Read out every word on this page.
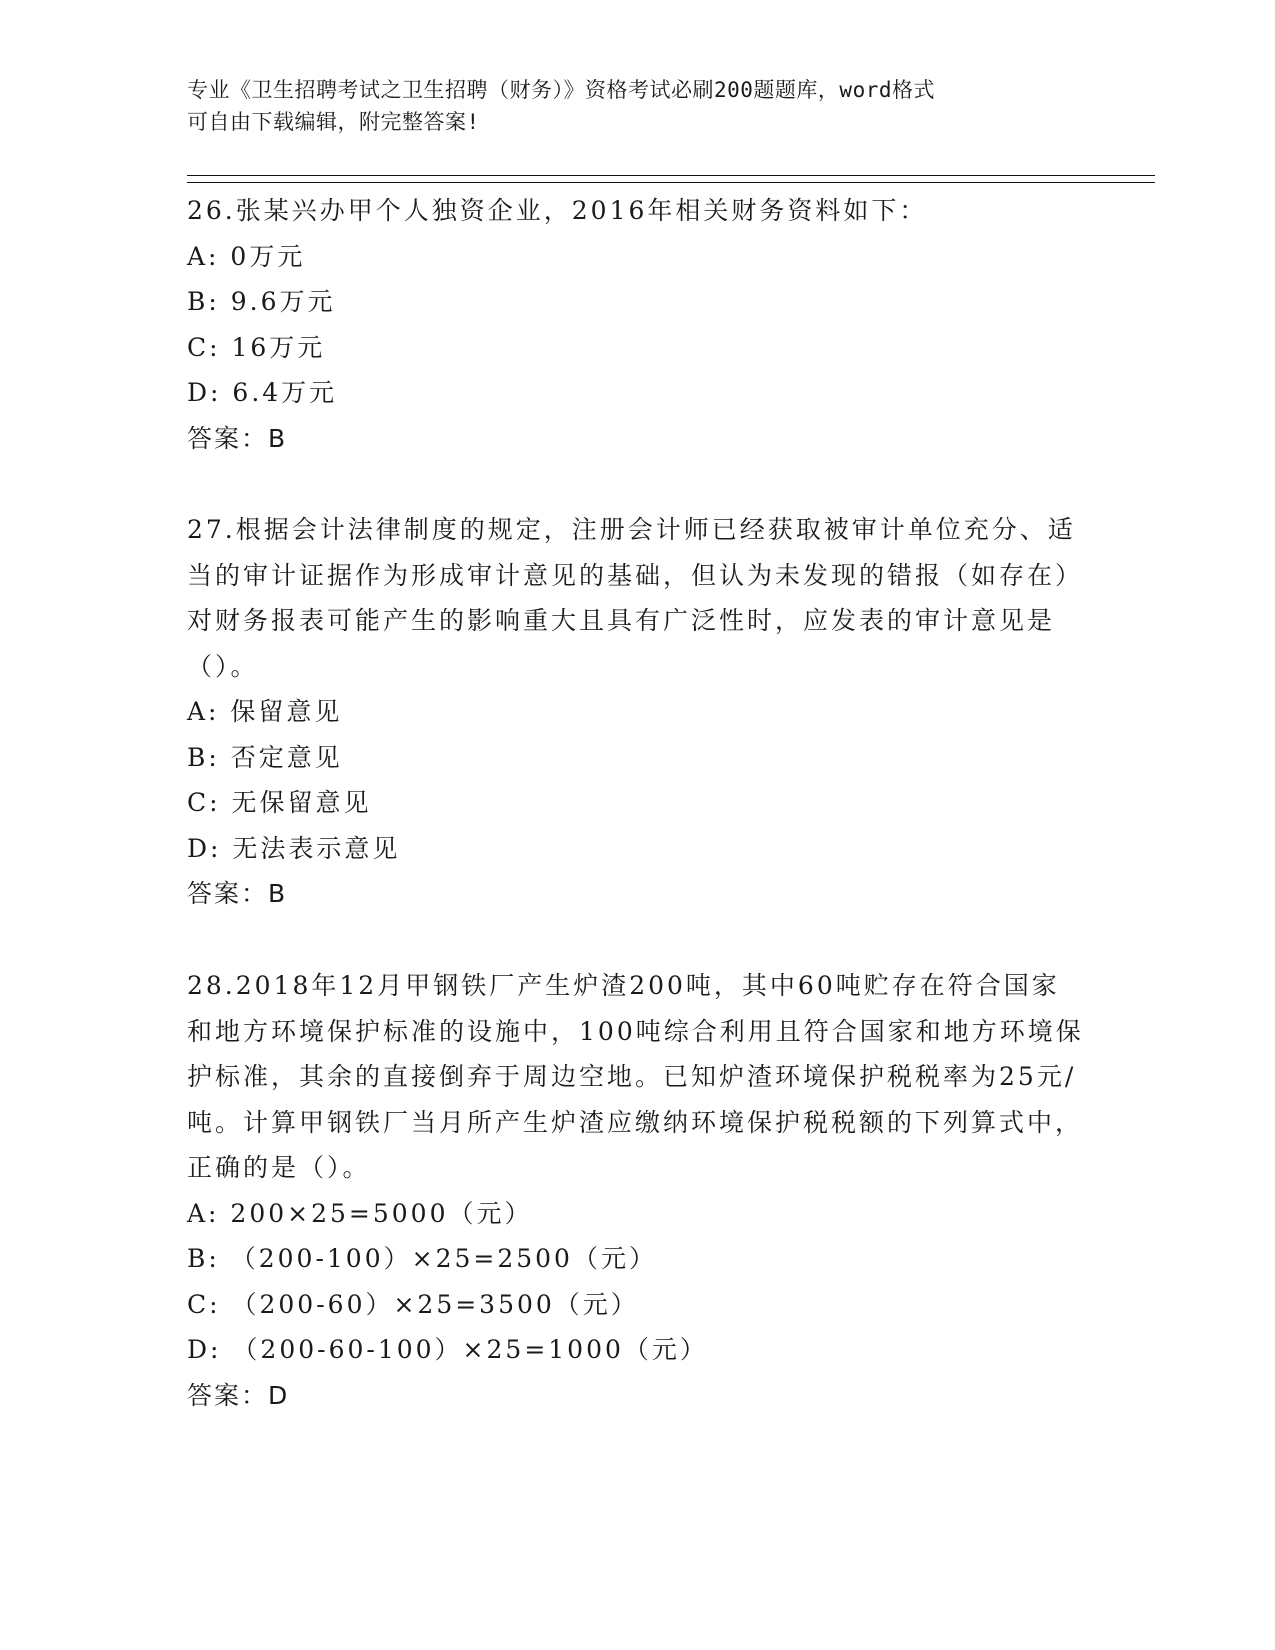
专业《卫生招聘考试之卫生招聘（财务）》资格考试必刷200题题库，word格式
可自由下载编辑，附完整答案!
26.张某兴办甲个人独资企业，2016年相关财务资料如下：
A: 0万元
B: 9.6万元
C: 16万元
D: 6.4万元
答案：B
27.根据会计法律制度的规定，注册会计师已经获取被审计单位充分、适当的审计证据作为形成审计意见的基础，但认为未发现的错报（如存在）对财务报表可能产生的影响重大且具有广泛性时，应发表的审计意见是（）。
A: 保留意见
B: 否定意见
C: 无保留意见
D: 无法表示意见
答案：B
28.2018年12月甲钢铁厂产生炉渣200吨，其中60吨贮存在符合国家和地方环境保护标准的设施中，100吨综合利用且符合国家和地方环境保护标准，其余的直接倒弃于周边空地。已知炉渣环境保护税税率为25元/吨。计算甲钢铁厂当月所产生炉渣应缴纳环境保护税税额的下列算式中，正确的是（）。
A: 200×25=5000（元）
B: （200-100）×25=2500（元）
C: （200-60）×25=3500（元）
D: （200-60-100）×25=1000（元）
答案：D
